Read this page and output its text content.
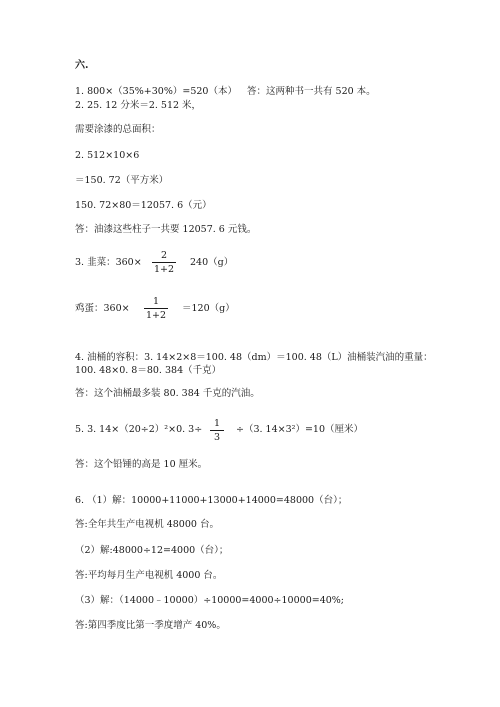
六.
1. 800×（35%+30%）=520（本） 答：这两种书一共有 520 本。
2. 25. 12 分米＝2. 512 米，
需要涂漆的总面积：
2. 512×10×6
＝150. 72（平方米）
150. 72×80＝12057. 6（元）
答：油漆这些柱子一共要 12057. 6 元钱。
3. 韭菜：360×
2
1+2
240（g）
鸡蛋：360×
1
1+2
＝120（g）
4. 油桶的容积：3. 14×2×8＝100. 48（dm）＝100. 48（L）油桶装汽油的重量：
100. 48×0. 8＝80. 384（千克）
答：这个油桶最多装 80. 384 千克的汽油。
5. 3. 14×（20÷2）²×0. 3÷
1
3
÷（3. 14×3²）=10（厘米）
答：这个铅锤的高是 10 厘米。
6. （1）解：10000+11000+13000+14000=48000（台）；
答:全年共生产电视机 48000 台。
（2）解:48000÷12=4000（台）；
答:平均每月生产电视机 4000 台。
（3）解：（14000﹣10000）÷10000=4000÷10000=40%;
答:第四季度比第一季度增产 40%。
